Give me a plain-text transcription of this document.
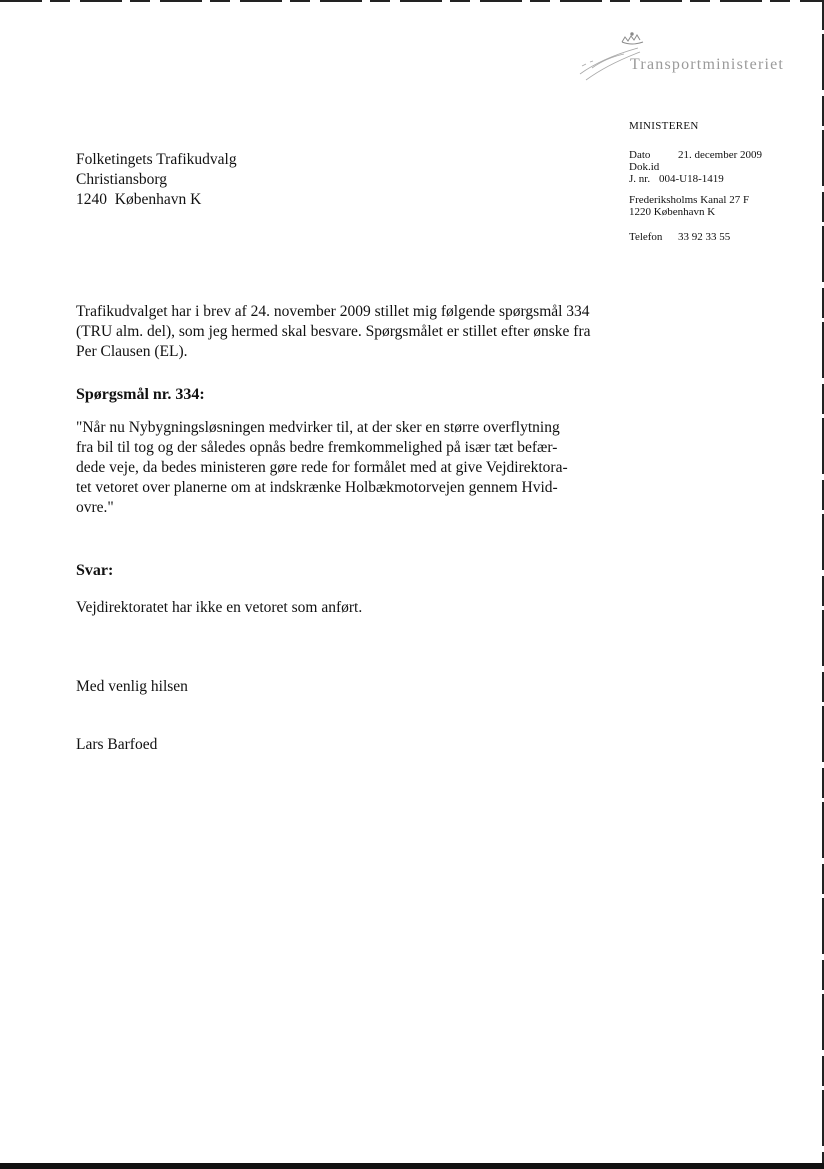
Transportministeriet
MINISTEREN
Dato	21. december 2009
Dok.id
J. nr. 004-U18-1419
Frederiksholms Kanal 27 F
1220 København K
Telefon	33 92 33 55
Folketingets Trafikudvalg
Christiansborg
1240  København K

Trafikudvalget har i brev af 24. november 2009 stillet mig følgende spørgsmål 334 (TRU alm. del), som jeg hermed skal besvare. Spørgsmålet er stillet efter ønske fra Per Clausen (EL).

Spørgsmål nr. 334:

"Når nu Nybygningsløsningen medvirker til, at der sker en større overflytning
fra bil til tog og der således opnås bedre fremkommelighed på især tæt befær-
dede veje, da bedes ministeren gøre rede for formålet med at give Vejdirektora-
tet vetoret over planerne om at indskrænke Holbækmotorvejen gennem Hvid-
ovre."

Svar:

Vejdirektoratet har ikke en vetoret som anført.

Med venlig hilsen

Lars Barfoed
